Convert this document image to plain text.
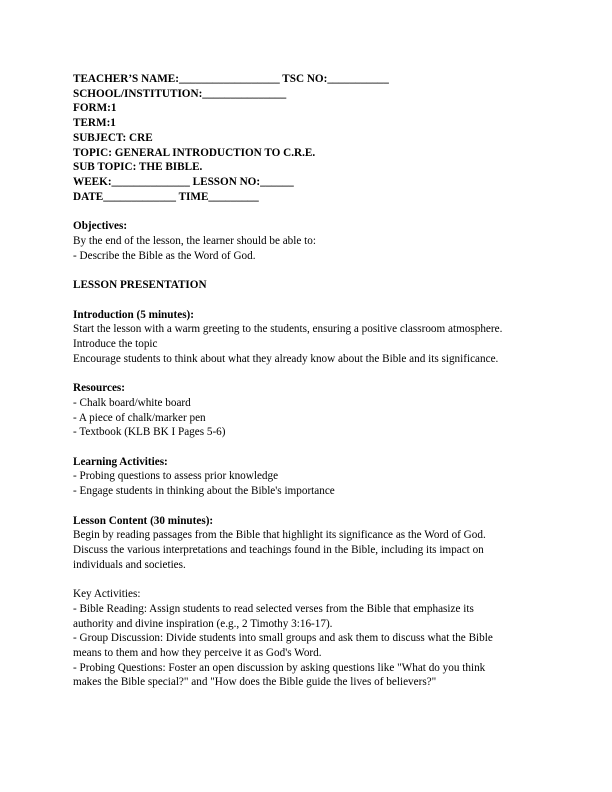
TEACHER’S NAME:__________________ TSC NO:___________
SCHOOL/INSTITUTION:_______________
FORM:1
TERM:1
SUBJECT: CRE
TOPIC: GENERAL INTRODUCTION TO C.R.E.
SUB TOPIC: THE BIBLE.
WEEK:______________ LESSON NO:______
DATE_____________ TIME_________
Objectives:
By the end of the lesson, the learner should be able to:
- Describe the Bible as the Word of God.
LESSON PRESENTATION
Introduction (5 minutes):
Start the lesson with a warm greeting to the students, ensuring a positive classroom atmosphere.
Introduce the topic
Encourage students to think about what they already know about the Bible and its significance.
Resources:
- Chalk board/white board
- A piece of chalk/marker pen
- Textbook (KLB BK I Pages 5-6)
Learning Activities:
- Probing questions to assess prior knowledge
- Engage students in thinking about the Bible's importance
Lesson Content (30 minutes):
Begin by reading passages from the Bible that highlight its significance as the Word of God.
Discuss the various interpretations and teachings found in the Bible, including its impact on
individuals and societies.
Key Activities:
- Bible Reading: Assign students to read selected verses from the Bible that emphasize its
authority and divine inspiration (e.g., 2 Timothy 3:16-17).
- Group Discussion: Divide students into small groups and ask them to discuss what the Bible
means to them and how they perceive it as God's Word.
- Probing Questions: Foster an open discussion by asking questions like "What do you think
makes the Bible special?" and "How does the Bible guide the lives of believers?"
